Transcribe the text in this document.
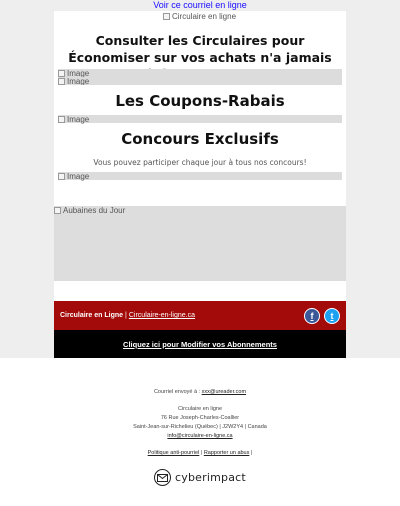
Voir ce courriel en ligne
Circulaire en ligne
Consulter les Circulaires pour Économiser sur vos achats n'a jamais
Image
Image
Les Coupons-Rabais
Image
Concours Exclusifs
Vous pouvez participer chaque jour à tous nos concours!
Image
Aubaines du Jour
Circulaire en Ligne | Circulaire-en-ligne.ca	f	t
Cliquez ici pour Modifier vos Abonnements
Courriel envoyé à : xxx@ureader.com
Circulaire en ligne
76 Rue Joseph-Charles-Coallier
Saint-Jean-sur-Richelieu (Québec) | J2W2Y4 | Canada
info@circulaire-en-ligne.ca
Politique anti-pourriel | Rapporter un abus |
cyberimpact
